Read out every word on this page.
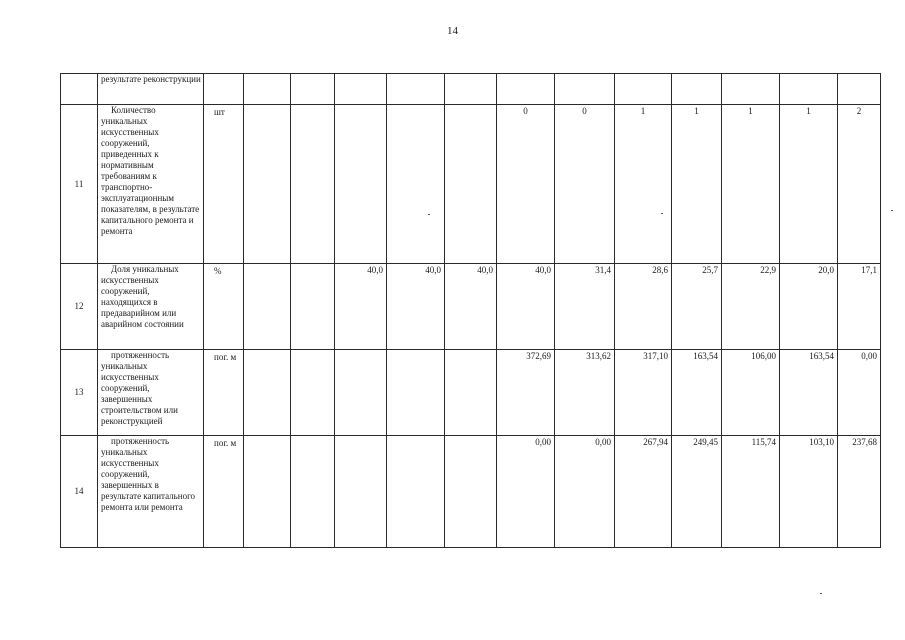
14
	результате реконструкции													
11	Количество уникальных искусственных сооружений, приведенных к нормативным требованиям к транспортно-эксплуатационным показателям, в результате капитального ремонта и ремонта	шт						0	0	1	1	1	1	2
12	Доля уникальных искусственных сооружений, находящихся в предаварийном или аварийном состоянии	%			40,0	40,0	40,0	40,0	31,4	28,6	25,7	22,9	20,0	17,1
13	протяженность уникальных искусственных сооружений, завершенных строительством или реконструкцией	пог. м						372,69	313,62	317,10	163,54	106,00	163,54	0,00
14	протяженность уникальных искусственных сооружений, завершенных в результате капитального ремонта или ремонта	пог. м						0,00	0,00	267,94	249,45	115,74	103,10	237,68
